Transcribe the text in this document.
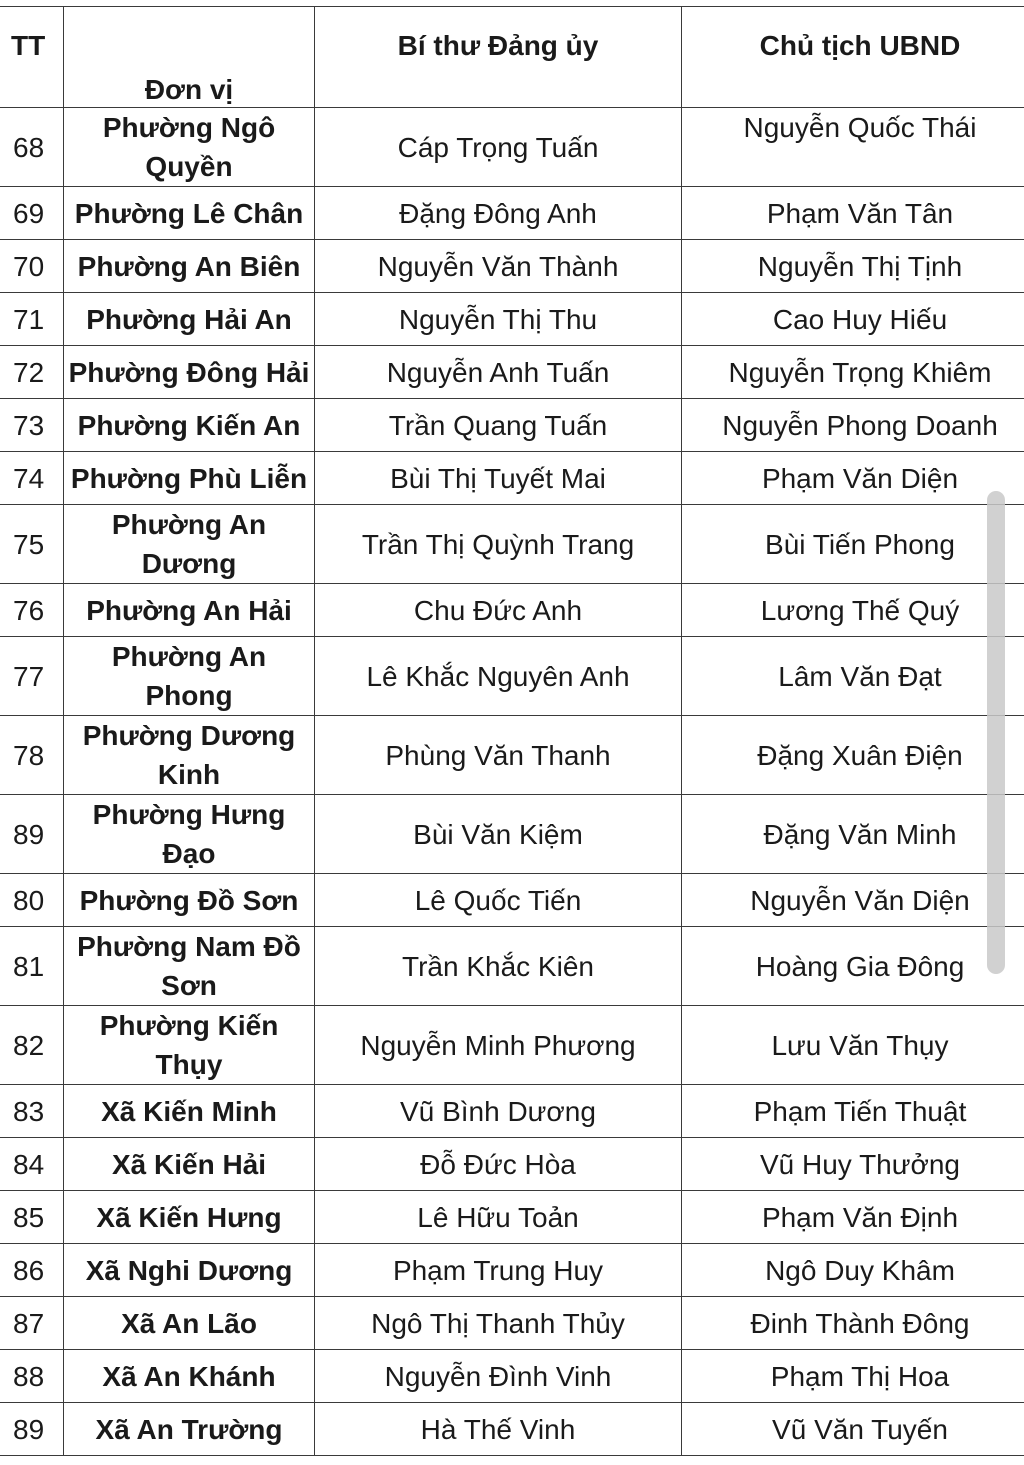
TT	Đơn vị	Bí thư Đảng ủy	Chủ tịch UBND
68	Phường Ngô Quyền	Cáp Trọng Tuấn	Nguyễn Quốc Thái
69	Phường Lê Chân	Đặng Đông Anh	Phạm Văn Tân
70	Phường An Biên	Nguyễn Văn Thành	Nguyễn Thị Tịnh
71	Phường Hải An	Nguyễn Thị Thu	Cao Huy Hiếu
72	Phường Đông Hải	Nguyễn Anh Tuấn	Nguyễn Trọng Khiêm
73	Phường Kiến An	Trần Quang Tuấn	Nguyễn Phong Doanh
74	Phường Phù Liễn	Bùi Thị Tuyết Mai	Phạm Văn Diện
75	Phường An Dương	Trần Thị Quỳnh Trang	Bùi Tiến Phong
76	Phường An Hải	Chu Đức Anh	Lương Thế Quý
77	Phường An Phong	Lê Khắc Nguyên Anh	Lâm Văn Đạt
78	Phường Dương Kinh	Phùng Văn Thanh	Đặng Xuân Điện
89	Phường Hưng Đạo	Bùi Văn Kiệm	Đặng Văn Minh
80	Phường Đồ Sơn	Lê Quốc Tiến	Nguyễn Văn Diện
81	Phường Nam Đồ Sơn	Trần Khắc Kiên	Hoàng Gia Đông
82	Phường Kiến Thụy	Nguyễn Minh Phương	Lưu Văn Thụy
83	Xã Kiến Minh	Vũ Bình Dương	Phạm Tiến Thuật
84	Xã Kiến Hải	Đỗ Đức Hòa	Vũ Huy Thưởng
85	Xã Kiến Hưng	Lê Hữu Toản	Phạm Văn Định
86	Xã Nghi Dương	Phạm Trung Huy	Ngô Duy Khâm
87	Xã An Lão	Ngô Thị Thanh Thủy	Đinh Thành Đông
88	Xã An Khánh	Nguyễn Đình Vinh	Phạm Thị Hoa
89	Xã An Trường	Hà Thế Vinh	Vũ Văn Tuyến
